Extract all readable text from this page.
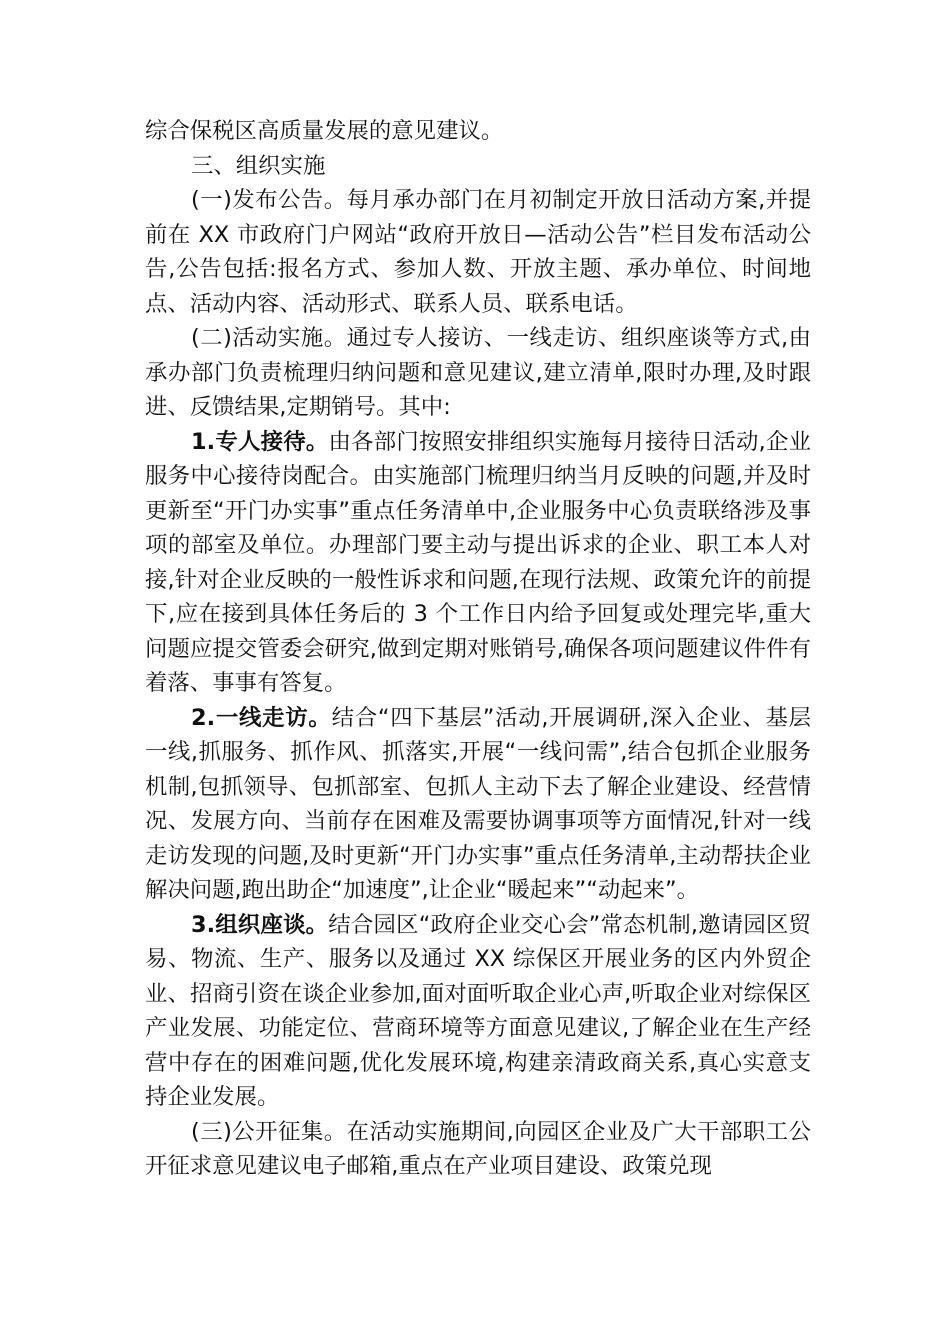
综合保税区高质量发展的意见建议。

三、组织实施

(一)发布公告。每月承办部门在月初制定开放日活动方案,并提前在 XX 市政府门户网站“政府开放日—活动公告”栏目发布活动公告,公告包括:报名方式、参加人数、开放主题、承办单位、时间地点、活动内容、活动形式、联系人员、联系电话。

(二)活动实施。通过专人接访、一线走访、组织座谈等方式,由承办部门负责梳理归纳问题和意见建议,建立清单,限时办理,及时跟进、反馈结果,定期销号。其中:

1.专人接待。由各部门按照安排组织实施每月接待日活动,企业服务中心接待岗配合。由实施部门梳理归纳当月反映的问题,并及时更新至“开门办实事”重点任务清单中,企业服务中心负责联络涉及事项的部室及单位。办理部门要主动与提出诉求的企业、职工本人对接,针对企业反映的一般性诉求和问题,在现行法规、政策允许的前提下,应在接到具体任务后的 3 个工作日内给予回复或处理完毕,重大问题应提交管委会研究,做到定期对账销号,确保各项问题建议件件有着落、事事有答复。

2.一线走访。结合“四下基层”活动,开展调研,深入企业、基层一线,抓服务、抓作风、抓落实,开展“一线问需”,结合包抓企业服务机制,包抓领导、包抓部室、包抓人主动下去了解企业建设、经营情况、发展方向、当前存在困难及需要协调事项等方面情况,针对一线走访发现的问题,及时更新“开门办实事”重点任务清单,主动帮扶企业解决问题,跑出助企“加速度”,让企业“暖起来”“动起来”。

3.组织座谈。结合园区“政府企业交心会”常态机制,邀请园区贸易、物流、生产、服务以及通过 XX 综保区开展业务的区内外贸企业、招商引资在谈企业参加,面对面听取企业心声,听取企业对综保区产业发展、功能定位、营商环境等方面意见建议,了解企业在生产经营中存在的困难问题,优化发展环境,构建亲清政商关系,真心实意支持企业发展。

(三)公开征集。在活动实施期间,向园区企业及广大干部职工公开征求意见建议电子邮箱,重点在产业项目建设、政策兑现
